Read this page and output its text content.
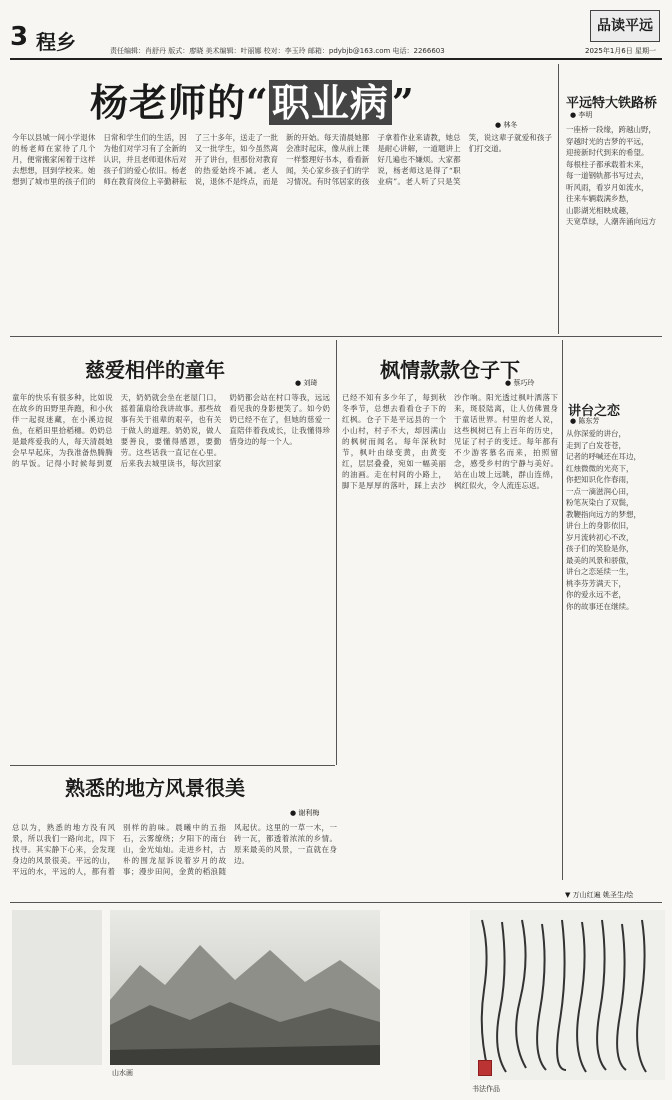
品读平远
3 程乡	责任编辑：肖舒丹 版式：廖晓 美术编辑：叶丽娜 校对：李玉玲 邮箱：pdybjb@163.com 电话：2266603	2025年1月6日 星期一
杨老师的“职业病”	● 林冬
今年以县城一间小学退休的杨老师在家待了几个月，便常搬家闲着于这样去想想，回到学校来。她想到了城市里的孩子们的日常和学生们的生活，因为他们对学习有了全新的认识，并且老师退休后对孩子们的爱心依旧。杨老师在教育岗位上辛勤耕耘了三十多年，送走了一批又一批学生，如今虽然离开了讲台，但那份对教育的热爱始终不减。老人说，退休不是终点，而是新的开始。每天清晨她都会准时起床，像从前上课一样整理好书本，看看新闻，关心家乡孩子们的学习情况。有时邻居家的孩子拿着作业来请教，她总是耐心讲解，一道题讲上好几遍也不嫌烦。大家都说，杨老师这是得了“职业病”。老人听了只是笑笑，说这辈子就爱和孩子们打交道。
平远特大铁路桥
● 李明
一座桥一段缘，跨越山野，
穿越时光的吉梦的平远，
迎接新时代到来的希望。
每根柱子都承载着未来，
每一道钢轨都书写过去，
听风雨，看岁月如流水，
往来车辆载满乡愁，
山影湖光相映成趣，
天宽草绿，人潮奔涌向远方
慈爱相伴的童年
● 刘琦
童年的快乐有很多种，比如说在故乡的田野里奔跑，和小伙伴一起捉迷藏，在小溪边捉鱼，在稻田里拾稻穗。奶奶总是最疼爱我的人，每天清晨她会早早起床，为我准备热腾腾的早饭。记得小时候每到夏天，奶奶就会坐在老屋门口，摇着蒲扇给我讲故事。那些故事有关于祖辈的艰辛，也有关于做人的道理。奶奶说，做人要善良，要懂得感恩，要勤劳。这些话我一直记在心里。后来我去城里读书，每次回家奶奶都会站在村口等我，远远看见我的身影便笑了。如今奶奶已经不在了，但她的慈爱一直陪伴着我成长，让我懂得珍惜身边的每一个人。
枫情款款仓子下
● 蔡巧玲
已经不知有多少年了，每到秋冬季节，总想去看看仓子下的红枫。仓子下是平远县的一个小山村，村子不大，却因满山的枫树而闻名。每年深秋时节，枫叶由绿变黄，由黄变红，层层叠叠，宛如一幅美丽的油画。走在村间的小路上，脚下是厚厚的落叶，踩上去沙沙作响。阳光透过枫叶洒落下来，斑驳陆离，让人仿佛置身于童话世界。村里的老人说，这些枫树已有上百年的历史，见证了村子的变迁。每年都有不少游客慕名而来，拍照留念，感受乡村的宁静与美好。站在山坡上远眺，群山连绵，枫红似火，令人流连忘返。
讲台之恋
● 陈东芳
从你深爱的讲台，
走到了白发苍苍，
记者的呼喊还在耳边，
红烛微微的光亮下，
你把知识化作春雨，
一点一滴滋润心田，
粉笔灰染白了双鬓，
教鞭指向远方的梦想，
讲台上的身影依旧，
岁月流转初心不改，
孩子们的笑脸是你，
最美的风景和骄傲，
讲台之恋延续一生，
桃李芬芳满天下，
你的爱永远不老，
你的故事还在继续。
熟悉的地方风景很美
● 谢利梅
总以为，熟悉的地方没有风景，所以我们一路向北，四下找寻。其实静下心来，会发现身边的风景很美。平远的山，平远的水，平远的人，都有着别样的韵味。晨曦中的五指石，云雾缭绕；夕阳下的南台山，金光灿灿。走进乡村，古朴的围龙屋诉说着岁月的故事；漫步田间，金黄的稻浪随风起伏。这里的一草一木，一砖一瓦，都透着浓浓的乡情。原来最美的风景，一直就在身边。
▼ 万山红遍 姚圣生/绘
山水画
书法作品
